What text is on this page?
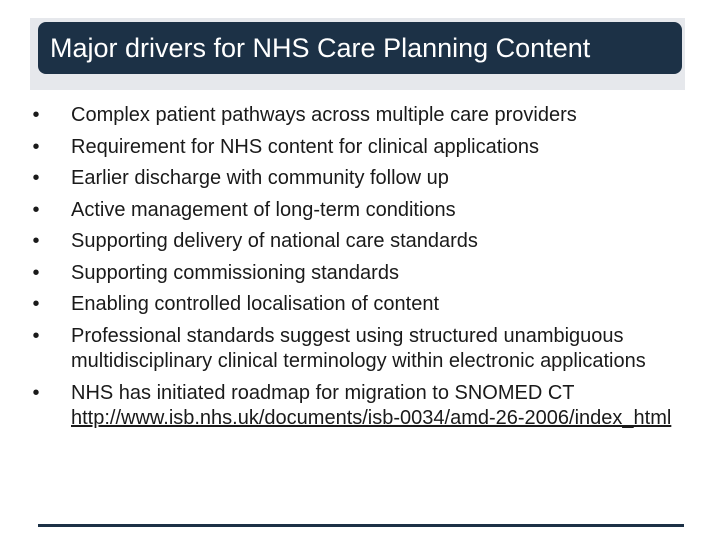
Major drivers for NHS Care Planning Content
• Complex patient pathways across multiple care providers
• Requirement for NHS content for clinical applications
• Earlier discharge with community follow up
• Active management of long-term conditions
• Supporting delivery of national care standards
• Supporting commissioning standards
• Enabling controlled localisation of content
• Professional standards suggest using structured unambiguous multidisciplinary clinical terminology within electronic applications
• NHS has initiated roadmap for migration to SNOMED CT
http://www.isb.nhs.uk/documents/isb-0034/amd-26-2006/index_html
